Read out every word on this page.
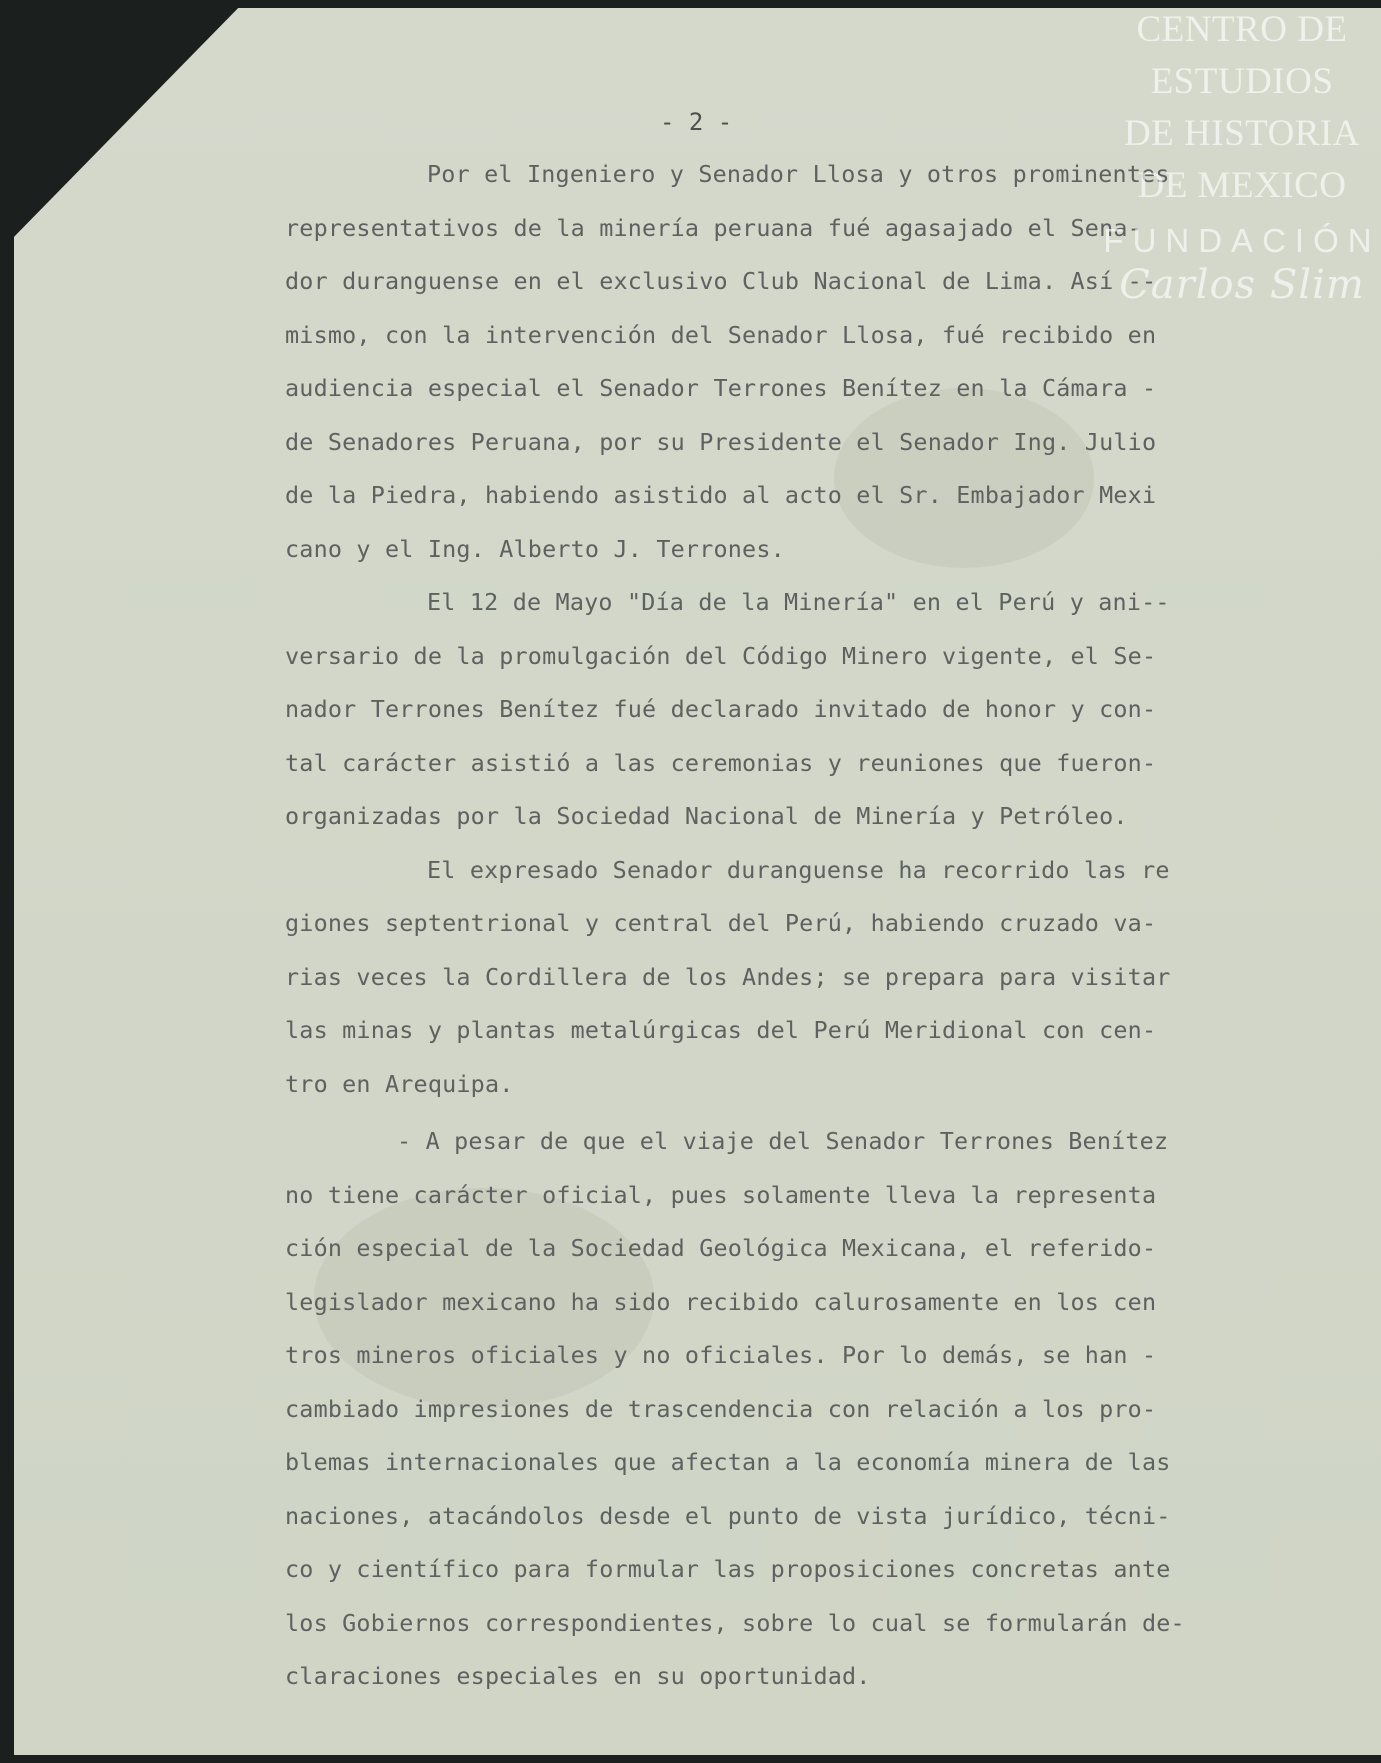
- 2 -
Por el Ingeniero y Senador Llosa y otros prominentes
representativos de la minería peruana fué agasajado el Sena-
dor duranguense en el exclusivo Club Nacional de Lima. Así --
mismo, con la intervención del Senador Llosa, fué recibido en
audiencia especial el Senador Terrones Benítez en la Cámara -
de Senadores Peruana, por su Presidente el Senador Ing. Julio
de la Piedra, habiendo asistido al acto el Sr. Embajador Mexi
cano y el Ing. Alberto J. Terrones.
El 12 de Mayo "Día de la Minería" en el Perú y ani--
versario de la promulgación del Código Minero vigente, el Se-
nador Terrones Benítez fué declarado invitado de honor y con-
tal carácter asistió a las ceremonias y reuniones que fueron-
organizadas por la Sociedad Nacional de Minería y Petróleo.
El expresado Senador duranguense ha recorrido las re
giones septentrional y central del Perú, habiendo cruzado va-
rias veces la Cordillera de los Andes; se prepara para visitar
las minas y plantas metalúrgicas del Perú Meridional con cen-
tro en Arequipa.
- A pesar de que el viaje del Senador Terrones Benítez
no tiene carácter oficial, pues solamente lleva la representa
ción especial de la Sociedad Geológica Mexicana, el referido-
legislador mexicano ha sido recibido calurosamente en los cen
tros mineros oficiales y no oficiales. Por lo demás, se han -
cambiado impresiones de trascendencia con relación a los pro-
blemas internacionales que afectan a la economía minera de las
naciones, atacándolos desde el punto de vista jurídico, técni-
co y científico para formular las proposiciones concretas ante
los Gobiernos correspondientes, sobre lo cual se formularán de-
claraciones especiales en su oportunidad.
CENTRO DE
ESTUDIOS
DE HISTORIA
DE MEXICO
FUNDACIÓN
Carlos Slim
